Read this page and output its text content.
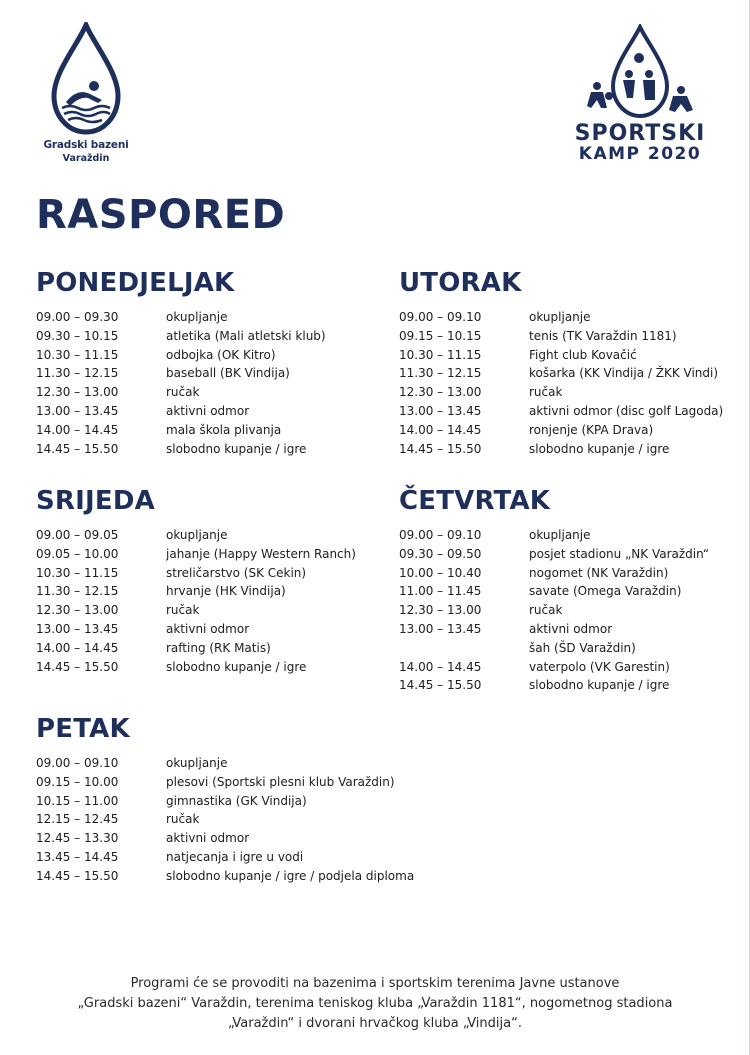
Gradski bazeni
Varaždin
SPORTSKI
KAMP 2020
RASPORED
PONEDJELJAK
09.00 – 09.30	okupljanje
09.30 – 10.15	atletika (Mali atletski klub)
10.30 – 11.15	odbojka (OK Kitro)
11.30 – 12.15	baseball (BK Vindija)
12.30 – 13.00	ručak
13.00 – 13.45	aktivni odmor
14.00 – 14.45	mala škola plivanja
14.45 – 15.50	slobodno kupanje / igre
UTORAK
09.00 – 09.10	okupljanje
09.15 – 10.15	tenis (TK Varaždin 1181)
10.30 – 11.15	Fight club Kovačić
11.30 – 12.15	košarka (KK Vindija / ŽKK Vindi)
12.30 – 13.00	ručak
13.00 – 13.45	aktivni odmor (disc golf Lagoda)
14.00 – 14.45	ronjenje (KPA Drava)
14.45 – 15.50	slobodno kupanje / igre
SRIJEDA
09.00 – 09.05	okupljanje
09.05 – 10.00	jahanje (Happy Western Ranch)
10.30 – 11.15	streličarstvo (SK Cekin)
11.30 – 12.15	hrvanje (HK Vindija)
12.30 – 13.00	ručak
13.00 – 13.45	aktivni odmor
14.00 – 14.45	rafting (RK Matis)
14.45 – 15.50	slobodno kupanje / igre
ČETVRTAK
09.00 – 09.10	okupljanje
09.30 – 09.50	posjet stadionu „NK Varaždin“
10.00 – 10.40	nogomet (NK Varaždin)
11.00 – 11.45	savate (Omega Varaždin)
12.30 – 13.00	ručak
13.00 – 13.45	aktivni odmor
šah (ŠD Varaždin)
14.00 – 14.45	vaterpolo (VK Garestin)
14.45 – 15.50	slobodno kupanje / igre
PETAK
09.00 – 09.10	okupljanje
09.15 – 10.00	plesovi (Sportski plesni klub Varaždin)
10.15 – 11.00	gimnastika (GK Vindija)
12.15 – 12.45	ručak
12.45 – 13.30	aktivni odmor
13.45 – 14.45	natjecanja i igre u vodi
14.45 – 15.50	slobodno kupanje / igre / podjela diploma

Programi će se provoditi na bazenima i sportskim terenima Javne ustanove

„Gradski bazeni“ Varaždin, terenima teniskog kluba „Varaždin 1181“, nogometnog stadiona

„Varaždin“ i dvorani hrvačkog kluba „Vindija“.
